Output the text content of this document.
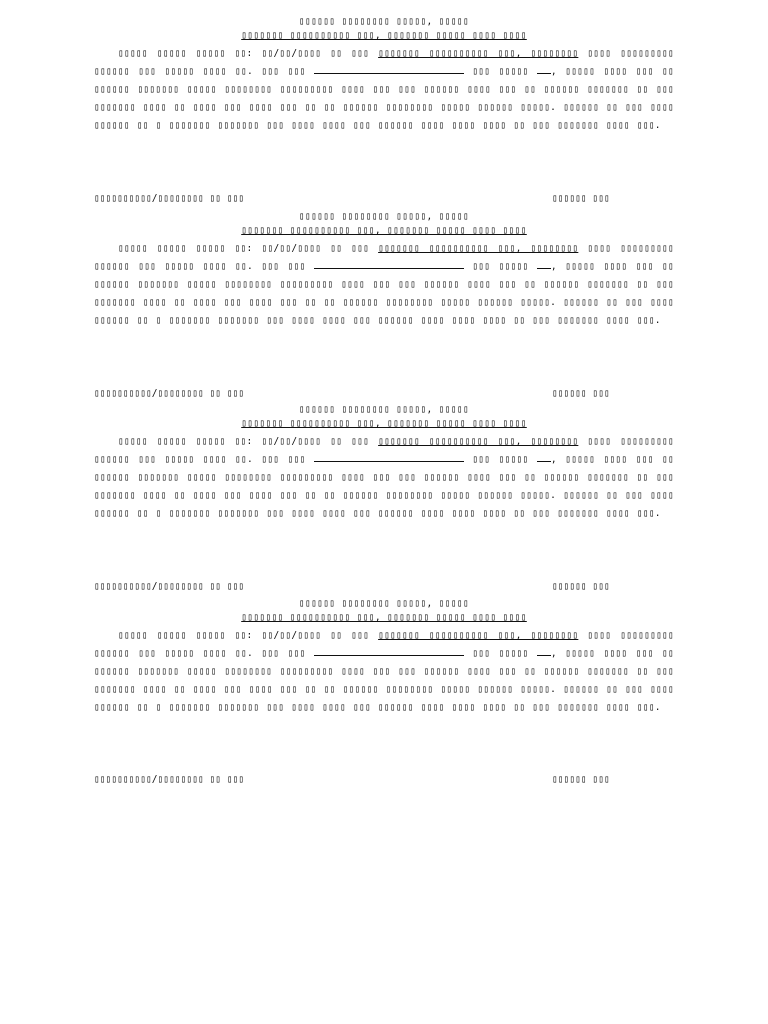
▯▯▯▯▯▯ ▯▯▯▯▯▯▯▯ ▯▯▯▯▯, ▯▯▯▯▯
▯▯▯▯▯▯▯ ▯▯▯▯▯▯▯▯▯▯ ▯▯▯, ▯▯▯▯▯▯▯ ▯▯▯▯▯ ▯▯▯▯ ▯▯▯▯

▯▯▯▯▯ ▯▯▯▯▯ ▯▯▯▯▯ ▯▯: ▯▯/▯▯/▯▯▯▯ ▯▯ ▯▯▯ ▯▯▯▯▯▯▯ ▯▯▯▯▯▯▯▯▯▯ ▯▯▯, ▯▯▯▯▯▯▯▯ ▯▯▯▯ ▯▯▯▯▯▯▯▯▯ ▯▯▯▯▯▯ ▯▯▯ ▯▯▯▯▯ ▯▯▯▯ ▯▯. ▯▯▯ ▯▯▯	▯▯▯ ▯▯▯▯▯ , ▯▯▯▯▯ ▯▯▯▯ ▯▯▯ ▯▯ ▯▯▯▯▯▯ ▯▯▯▯▯▯▯ ▯▯▯▯▯ ▯▯▯▯▯▯▯▯ ▯▯▯▯▯▯▯▯▯ ▯▯▯▯ ▯▯▯ ▯▯▯ ▯▯▯▯▯▯ ▯▯▯▯ ▯▯▯ ▯▯ ▯▯▯▯▯▯ ▯▯▯▯▯▯▯ ▯▯ ▯▯▯ ▯▯▯▯▯▯▯ ▯▯▯▯ ▯▯ ▯▯▯▯ ▯▯▯ ▯▯▯▯ ▯▯▯ ▯▯ ▯▯ ▯▯▯▯▯▯ ▯▯▯▯▯▯▯▯ ▯▯▯▯▯ ▯▯▯▯▯▯ ▯▯▯▯▯. ▯▯▯▯▯▯ ▯▯ ▯▯▯ ▯▯▯▯ ▯▯▯▯▯▯ ▯▯ ▯ ▯▯▯▯▯▯▯ ▯▯▯▯▯▯▯ ▯▯▯ ▯▯▯▯ ▯▯▯▯ ▯▯▯ ▯▯▯▯▯▯ ▯▯▯▯ ▯▯▯▯ ▯▯▯▯ ▯▯ ▯▯▯ ▯▯▯▯▯▯▯ ▯▯▯▯ ▯▯▯.

▯▯▯▯▯▯▯▯▯▯/▯▯▯▯▯▯▯▯ ▯▯ ▯▯▯	▯▯▯▯▯▯ ▯▯▯
▯▯▯▯▯▯ ▯▯▯▯▯▯▯▯ ▯▯▯▯▯, ▯▯▯▯▯
▯▯▯▯▯▯▯ ▯▯▯▯▯▯▯▯▯▯ ▯▯▯, ▯▯▯▯▯▯▯ ▯▯▯▯▯ ▯▯▯▯ ▯▯▯▯

▯▯▯▯▯ ▯▯▯▯▯ ▯▯▯▯▯ ▯▯: ▯▯/▯▯/▯▯▯▯ ▯▯ ▯▯▯ ▯▯▯▯▯▯▯ ▯▯▯▯▯▯▯▯▯▯ ▯▯▯, ▯▯▯▯▯▯▯▯ ▯▯▯▯ ▯▯▯▯▯▯▯▯▯ ▯▯▯▯▯▯ ▯▯▯ ▯▯▯▯▯ ▯▯▯▯ ▯▯. ▯▯▯ ▯▯▯	▯▯▯ ▯▯▯▯▯ , ▯▯▯▯▯ ▯▯▯▯ ▯▯▯ ▯▯ ▯▯▯▯▯▯ ▯▯▯▯▯▯▯ ▯▯▯▯▯ ▯▯▯▯▯▯▯▯ ▯▯▯▯▯▯▯▯▯ ▯▯▯▯ ▯▯▯ ▯▯▯ ▯▯▯▯▯▯ ▯▯▯▯ ▯▯▯ ▯▯ ▯▯▯▯▯▯ ▯▯▯▯▯▯▯ ▯▯ ▯▯▯ ▯▯▯▯▯▯▯ ▯▯▯▯ ▯▯ ▯▯▯▯ ▯▯▯ ▯▯▯▯ ▯▯▯ ▯▯ ▯▯ ▯▯▯▯▯▯ ▯▯▯▯▯▯▯▯ ▯▯▯▯▯ ▯▯▯▯▯▯ ▯▯▯▯▯. ▯▯▯▯▯▯ ▯▯ ▯▯▯ ▯▯▯▯ ▯▯▯▯▯▯ ▯▯ ▯ ▯▯▯▯▯▯▯ ▯▯▯▯▯▯▯ ▯▯▯ ▯▯▯▯ ▯▯▯▯ ▯▯▯ ▯▯▯▯▯▯ ▯▯▯▯ ▯▯▯▯ ▯▯▯▯ ▯▯ ▯▯▯ ▯▯▯▯▯▯▯ ▯▯▯▯ ▯▯▯.

▯▯▯▯▯▯▯▯▯▯/▯▯▯▯▯▯▯▯ ▯▯ ▯▯▯	▯▯▯▯▯▯ ▯▯▯
▯▯▯▯▯▯ ▯▯▯▯▯▯▯▯ ▯▯▯▯▯, ▯▯▯▯▯
▯▯▯▯▯▯▯ ▯▯▯▯▯▯▯▯▯▯ ▯▯▯, ▯▯▯▯▯▯▯ ▯▯▯▯▯ ▯▯▯▯ ▯▯▯▯

▯▯▯▯▯ ▯▯▯▯▯ ▯▯▯▯▯ ▯▯: ▯▯/▯▯/▯▯▯▯ ▯▯ ▯▯▯ ▯▯▯▯▯▯▯ ▯▯▯▯▯▯▯▯▯▯ ▯▯▯, ▯▯▯▯▯▯▯▯ ▯▯▯▯ ▯▯▯▯▯▯▯▯▯ ▯▯▯▯▯▯ ▯▯▯ ▯▯▯▯▯ ▯▯▯▯ ▯▯. ▯▯▯ ▯▯▯	▯▯▯ ▯▯▯▯▯ , ▯▯▯▯▯ ▯▯▯▯ ▯▯▯ ▯▯ ▯▯▯▯▯▯ ▯▯▯▯▯▯▯ ▯▯▯▯▯ ▯▯▯▯▯▯▯▯ ▯▯▯▯▯▯▯▯▯ ▯▯▯▯ ▯▯▯ ▯▯▯ ▯▯▯▯▯▯ ▯▯▯▯ ▯▯▯ ▯▯ ▯▯▯▯▯▯ ▯▯▯▯▯▯▯ ▯▯ ▯▯▯ ▯▯▯▯▯▯▯ ▯▯▯▯ ▯▯ ▯▯▯▯ ▯▯▯ ▯▯▯▯ ▯▯▯ ▯▯ ▯▯ ▯▯▯▯▯▯ ▯▯▯▯▯▯▯▯ ▯▯▯▯▯ ▯▯▯▯▯▯ ▯▯▯▯▯. ▯▯▯▯▯▯ ▯▯ ▯▯▯ ▯▯▯▯ ▯▯▯▯▯▯ ▯▯ ▯ ▯▯▯▯▯▯▯ ▯▯▯▯▯▯▯ ▯▯▯ ▯▯▯▯ ▯▯▯▯ ▯▯▯ ▯▯▯▯▯▯ ▯▯▯▯ ▯▯▯▯ ▯▯▯▯ ▯▯ ▯▯▯ ▯▯▯▯▯▯▯ ▯▯▯▯ ▯▯▯.

▯▯▯▯▯▯▯▯▯▯/▯▯▯▯▯▯▯▯ ▯▯ ▯▯▯	▯▯▯▯▯▯ ▯▯▯
▯▯▯▯▯▯ ▯▯▯▯▯▯▯▯ ▯▯▯▯▯, ▯▯▯▯▯
▯▯▯▯▯▯▯ ▯▯▯▯▯▯▯▯▯▯ ▯▯▯, ▯▯▯▯▯▯▯ ▯▯▯▯▯ ▯▯▯▯ ▯▯▯▯

▯▯▯▯▯ ▯▯▯▯▯ ▯▯▯▯▯ ▯▯: ▯▯/▯▯/▯▯▯▯ ▯▯ ▯▯▯ ▯▯▯▯▯▯▯ ▯▯▯▯▯▯▯▯▯▯ ▯▯▯, ▯▯▯▯▯▯▯▯ ▯▯▯▯ ▯▯▯▯▯▯▯▯▯ ▯▯▯▯▯▯ ▯▯▯ ▯▯▯▯▯ ▯▯▯▯ ▯▯. ▯▯▯ ▯▯▯	▯▯▯ ▯▯▯▯▯ , ▯▯▯▯▯ ▯▯▯▯ ▯▯▯ ▯▯ ▯▯▯▯▯▯ ▯▯▯▯▯▯▯ ▯▯▯▯▯ ▯▯▯▯▯▯▯▯ ▯▯▯▯▯▯▯▯▯ ▯▯▯▯ ▯▯▯ ▯▯▯ ▯▯▯▯▯▯ ▯▯▯▯ ▯▯▯ ▯▯ ▯▯▯▯▯▯ ▯▯▯▯▯▯▯ ▯▯ ▯▯▯ ▯▯▯▯▯▯▯ ▯▯▯▯ ▯▯ ▯▯▯▯ ▯▯▯ ▯▯▯▯ ▯▯▯ ▯▯ ▯▯ ▯▯▯▯▯▯ ▯▯▯▯▯▯▯▯ ▯▯▯▯▯ ▯▯▯▯▯▯ ▯▯▯▯▯. ▯▯▯▯▯▯ ▯▯ ▯▯▯ ▯▯▯▯ ▯▯▯▯▯▯ ▯▯ ▯ ▯▯▯▯▯▯▯ ▯▯▯▯▯▯▯ ▯▯▯ ▯▯▯▯ ▯▯▯▯ ▯▯▯ ▯▯▯▯▯▯ ▯▯▯▯ ▯▯▯▯ ▯▯▯▯ ▯▯ ▯▯▯ ▯▯▯▯▯▯▯ ▯▯▯▯ ▯▯▯.

▯▯▯▯▯▯▯▯▯▯/▯▯▯▯▯▯▯▯ ▯▯ ▯▯▯	▯▯▯▯▯▯ ▯▯▯
